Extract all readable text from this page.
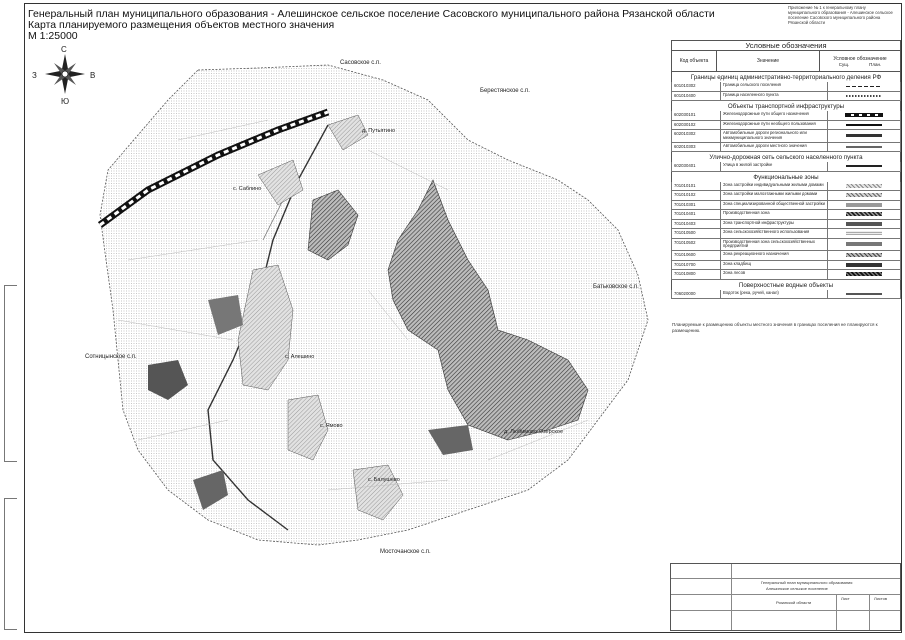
Генеральный план муниципального образования - Алешинское сельское поселение Сасовского муниципального района Рязанской области
Карта планируемого размещения объектов местного значения
М 1:25000
Приложение № 1 к генеральному плану муниципального образования - Алешинское сельское поселение Сасовского муниципального района Рязанской области
С
Ю
З	В
Сасовское с.п.
Берестянское с.п.
д. Путьятино
с. Саблино
Батьковское с.п.
Сотницынское с.п.	с. Алешино
с. Ямово
д. Любимово-Озерское
с. Балушево
Мосточанское с.п.
Условные обозначения
Код объекта	Значение	Условное обозначение
Сущ.	План.
Границы единиц административно-территориального деления РФ
601010302	Граница сельского поселения
601010400	Граница населенного пункта
Объекты транспортной инфраструктуры
602030101	Железнодорожные пути общего назначения
602030102	Железнодорожные пути необщего пользования
602010302	Автомобильные дороги регионального или межмуниципального значения
602010303	Автомобильные дороги местного значения
Улично-дорожная сеть сельского населенного пункта
602030401	Улица в жилой застройке
Функциональные зоны
701010101	Зона застройки индивидуальными жилыми домами
701010102	Зона застройки малоэтажными жилыми домами
701010301	Зона специализированной общественной застройки
701010401	Производственная зона
701010403	Зона транспортной инфраструктуры
701010500	Зона сельскохозяйственного использования
701010502	Производственная зона сельскохозяйственных предприятий
701010600	Зона рекреационного назначения
701010700	Зона кладбищ
701010800	Зона лесов
Поверхностные водные объекты
706020000	Водоток (река, ручей, канал)
Планируемые к размещению объекты местного значения в границах поселения не планируются к размещению.
Генеральный план муниципального образования
Алешинское сельское поселение
Рязанской области
Лист	Листов
